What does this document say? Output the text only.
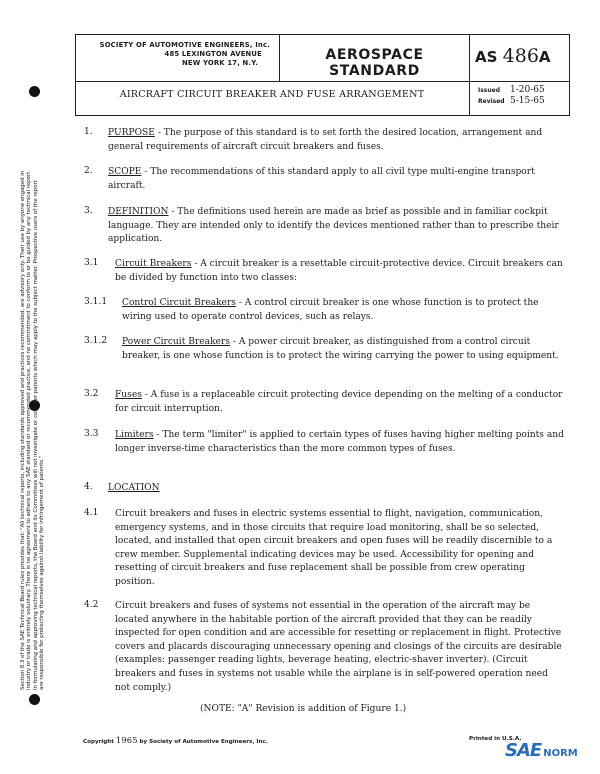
Section 8.3 of the SAE Technical Board rules provides that: "All technical reports, including standards approved and practices recommended, are advisory only. Their use by anyone engaged in industry or trade is entirely voluntary. There is no agreement to adhere to any SAE standard or recommended practice, and no commitment to conform to or be guided by any technical report. In formulating and approving technical reports, the Board and its Committees will not investigate or consider patents which may apply to the subject matter. Prospective users of the report are responsible for protecting themselves against liability for infringement of patents."
SOCIETY OF AUTOMOTIVE ENGINEERS, Inc.
485 LEXINGTON AVENUE
NEW YORK 17, N.Y.
AEROSPACE STANDARD
AS 486A
AIRCRAFT CIRCUIT BREAKER AND FUSE ARRANGEMENT	Issued 1-20-65
Revised 5-15-65
1. PURPOSE - The purpose of this standard is to set forth the desired location, arrangement and general requirements of aircraft circuit breakers and fuses.
2. SCOPE - The recommendations of this standard apply to all civil type multi-engine transport aircraft.
3. DEFINITION - The definitions used herein are made as brief as possible and in familiar cockpit language. They are intended only to identify the devices mentioned rather than to prescribe their application.
3.1 Circuit Breakers - A circuit breaker is a resettable circuit-protective device. Circuit breakers can be divided by function into two classes:
3.1.1 Control Circuit Breakers - A control circuit breaker is one whose function is to protect the wiring used to operate control devices, such as relays.
3.1.2 Power Circuit Breakers - A power circuit breaker, as distinguished from a control circuit breaker, is one whose function is to protect the wiring carrying the power to using equipment.
3.2 Fuses - A fuse is a replaceable circuit protecting device depending on the melting of a conductor for circuit interruption.
3.3 Limiters - The term "limiter" is applied to certain types of fuses having higher melting points and longer inverse-time characteristics than the more common types of fuses.
4. LOCATION
4.1 Circuit breakers and fuses in electric systems essential to flight, navigation, communication, emergency systems, and in those circuits that require load monitoring, shall be so selected, located, and installed that open circuit breakers and open fuses will be readily discernible to a crew member. Supplemental indicating devices may be used. Accessibility for opening and resetting of circuit breakers and fuse replacement shall be possible from crew operating position.
4.2 Circuit breakers and fuses of systems not essential in the operation of the aircraft may be located anywhere in the habitable portion of the aircraft provided that they can be readily inspected for open condition and are accessible for resetting or replacement in flight. Protective covers and placards discouraging unnecessary opening and closings of the circuits are desirable (examples: passenger reading lights, beverage heating, electric-shaver inverter). (Circuit breakers and fuses in systems not usable while the airplane is in self-powered operation need not comply.)
(NOTE: "A" Revision is addition of Figure 1.)
Copyright 1965 by Society of Automotive Engineers, Inc.	Printed in U.S.A.
SAE NORM
